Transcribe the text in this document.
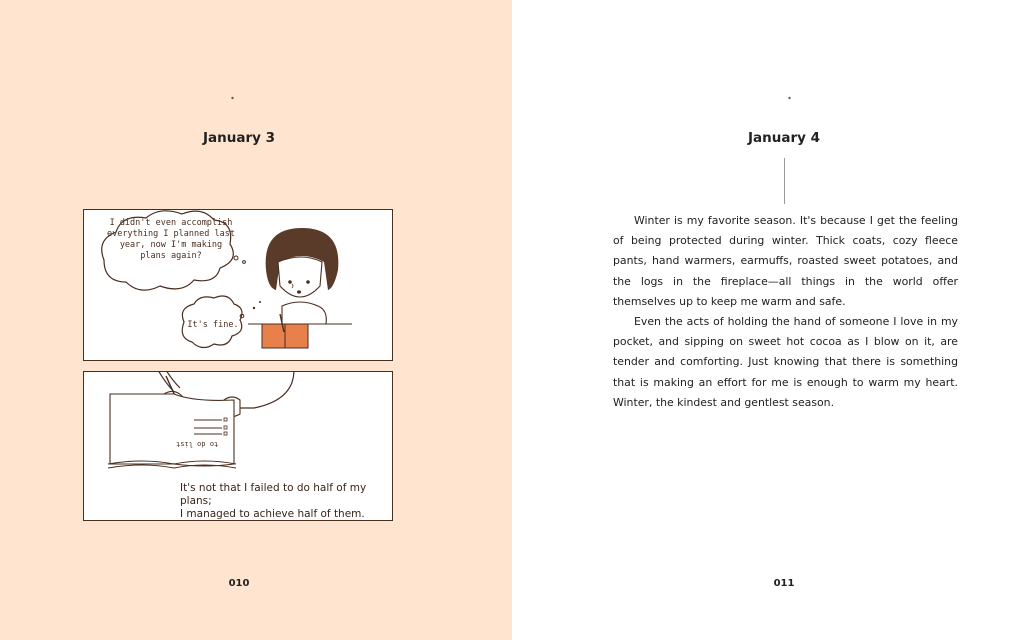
January 3
I didn't even accomplish everything I planned last year, now I'm making plans again?
It's fine.
to do list
It's not that I failed to do half of my plans;
I managed to achieve half of them.
010
January 4

Winter is my favorite season. It's because I get the feeling of being protected during winter. Thick coats, cozy fleece pants, hand warmers, earmuffs, roasted sweet potatoes, and the logs in the fireplace—all things in the world offer themselves up to keep me warm and safe.

Even the acts of holding the hand of someone I love in my pocket, and sipping on sweet hot cocoa as I blow on it, are tender and comforting. Just knowing that there is something that is making an effort for me is enough to warm my heart. Winter, the kindest and gentlest season.

011
